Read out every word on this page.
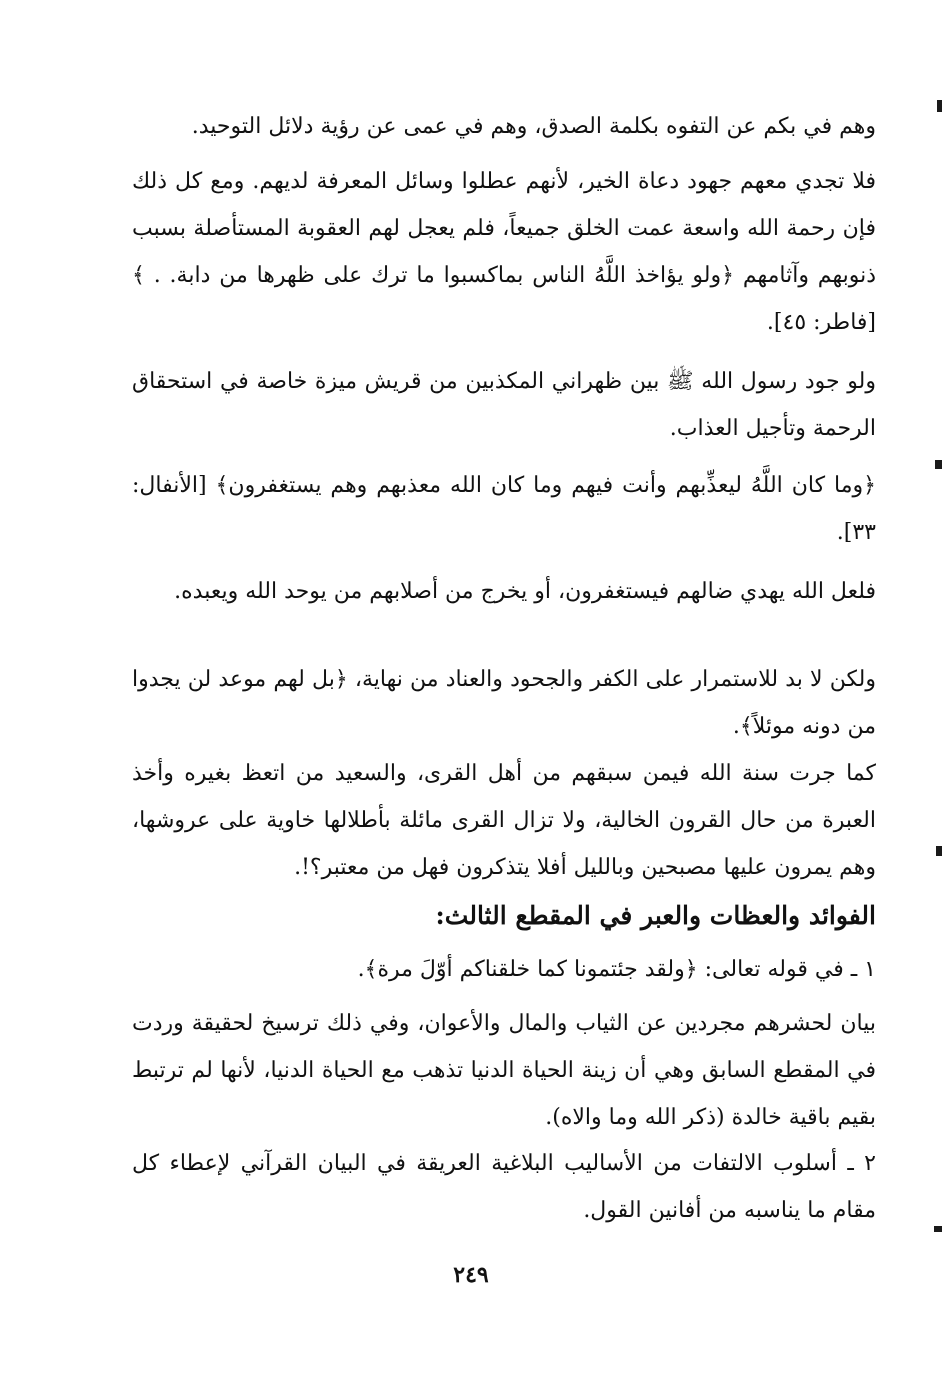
وهم في بكم عن التفوه بكلمة الصدق، وهم في عمى عن رؤية دلائل التوحيد.

فلا تجدي معهم جهود دعاة الخير، لأنهم عطلوا وسائل المعرفة لديهم. ومع كل ذلك فإن رحمة الله واسعة عمت الخلق جميعاً، فلم يعجل لهم العقوبة المستأصلة بسبب ذنوبهم وآثامهم ﴿ولو يؤاخذ اللَّهُ الناس بماكسبوا ما ترك على ظهرها من دابة. . ﴾ [فاطر: ٤٥].

ولو جود رسول الله ﷺ بين ظهراني المكذبين من قريش ميزة خاصة في استحقاق الرحمة وتأجيل العذاب.

﴿وما كان اللَّهُ ليعذِّبهم وأنت فيهم وما كان الله معذبهم وهم يستغفرون﴾ [الأنفال: ٣٣].

فلعل الله يهدي ضالهم فيستغفرون، أو يخرج من أصلابهم من يوحد الله ويعبده.

ولكن لا بد للاستمرار على الكفر والجحود والعناد من نهاية، ﴿بل لهم موعد لن يجدوا من دونه موئلاً﴾.

كما جرت سنة الله فيمن سبقهم من أهل القرى، والسعيد من اتعظ بغيره وأخذ العبرة من حال القرون الخالية، ولا تزال القرى مائلة بأطلالها خاوية على عروشها، وهم يمرون عليها مصبحين وبالليل أفلا يتذكرون فهل من معتبر؟!.

الفوائد والعظات والعبر في المقطع الثالث:

١ ـ في قوله تعالى: ﴿ولقد جئتمونا كما خلقناكم أوّلَ مرة﴾.

بيان لحشرهم مجردين عن الثياب والمال والأعوان، وفي ذلك ترسيخ لحقيقة وردت في المقطع السابق وهي أن زينة الحياة الدنيا تذهب مع الحياة الدنيا، لأنها لم ترتبط بقيم باقية خالدة (ذكر الله وما والاه).

٢ ـ أسلوب الالتفات من الأساليب البلاغية العريقة في البيان القرآني لإعطاء كل مقام ما يناسبه من أفانين القول.

٢٤٩
